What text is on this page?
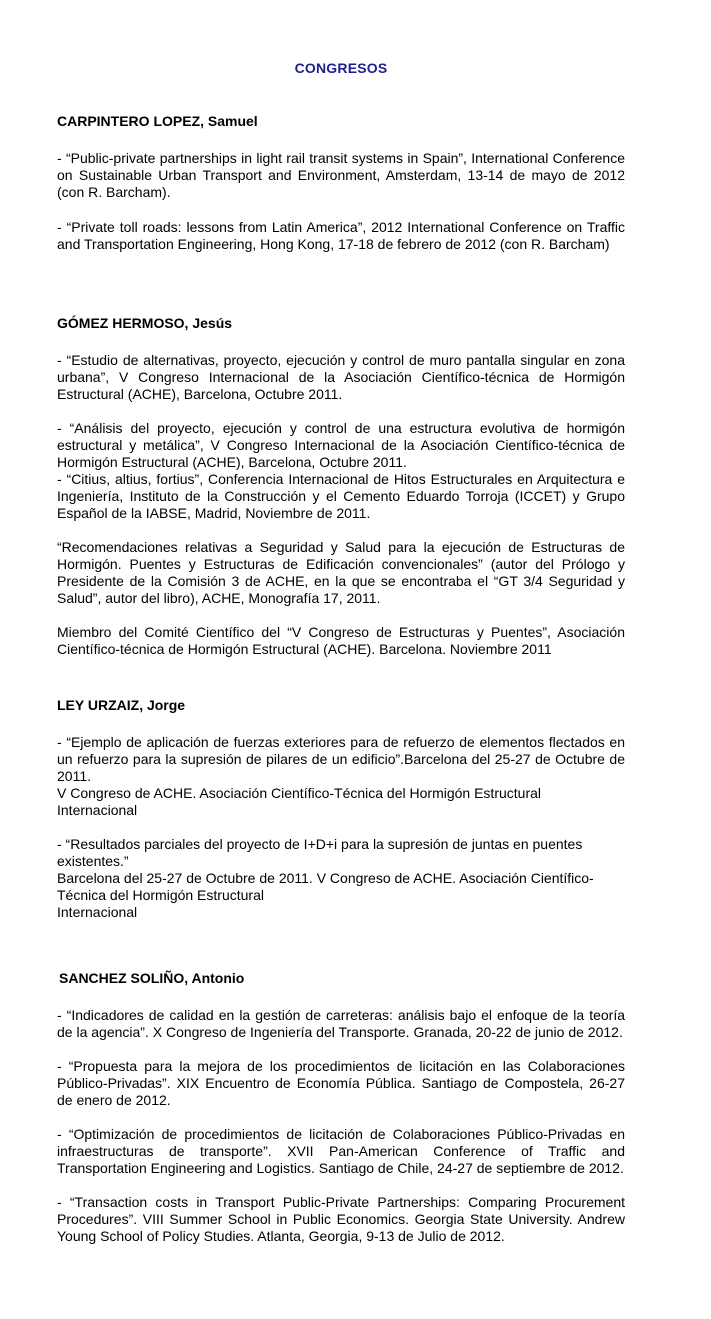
CONGRESOS
CARPINTERO LOPEZ, Samuel
- “Public-private partnerships in light rail transit systems in Spain”, International Conference on Sustainable Urban Transport and Environment, Amsterdam, 13-14 de mayo de 2012 (con R. Barcham).
- “Private toll roads: lessons from Latin America”, 2012 International Conference on Traffic and Transportation Engineering, Hong Kong, 17-18 de febrero de 2012 (con R. Barcham)
GÓMEZ HERMOSO, Jesús
- “Estudio de alternativas, proyecto, ejecución y control de muro pantalla singular en zona urbana”, V Congreso Internacional de la Asociación Científico-técnica de Hormigón Estructural (ACHE), Barcelona, Octubre 2011.
- “Análisis del proyecto, ejecución y control de una estructura evolutiva de hormigón estructural y metálica”, V Congreso Internacional de la Asociación Científico-técnica de Hormigón Estructural (ACHE), Barcelona, Octubre 2011.
- “Citius, altius, fortius”, Conferencia Internacional de Hitos Estructurales en Arquitectura e Ingeniería, Instituto de la Construcción y el Cemento Eduardo Torroja (ICCET) y Grupo Español de la IABSE, Madrid, Noviembre de 2011.
“Recomendaciones relativas a Seguridad y Salud para la ejecución de Estructuras de Hormigón. Puentes y Estructuras de Edificación convencionales” (autor del Prólogo y Presidente de la Comisión 3 de ACHE, en la que se encontraba el “GT 3/4 Seguridad y Salud”, autor del libro), ACHE, Monografía 17, 2011.
Miembro del Comité Científico del “V Congreso de Estructuras y Puentes”, Asociación Científico-técnica de Hormigón Estructural (ACHE). Barcelona. Noviembre 2011
LEY URZAIZ, Jorge
- “Ejemplo de aplicación de fuerzas exteriores para de refuerzo de elementos flectados en un refuerzo para la supresión de pilares de un edificio”.Barcelona del 25-27 de Octubre de 2011.
V Congreso de ACHE. Asociación Científico-Técnica del Hormigón Estructural Internacional
- “Resultados parciales del proyecto de I+D+i para la supresión de juntas en puentes existentes.”
Barcelona del 25-27 de Octubre de 2011. V Congreso de ACHE. Asociación Científico-Técnica del Hormigón Estructural
Internacional
SANCHEZ SOLIÑO, Antonio
- “Indicadores de calidad en la gestión de carreteras: análisis bajo el enfoque de la teoría de la agencia”. X Congreso de Ingeniería del Transporte. Granada, 20-22 de junio de 2012.
- “Propuesta para la mejora de los procedimientos de licitación en las Colaboraciones Público-Privadas”. XIX Encuentro de Economía Pública. Santiago de Compostela, 26-27 de enero de 2012.
- “Optimización de procedimientos de licitación de Colaboraciones Público-Privadas en infraestructuras de transporte”. XVII Pan-American Conference of Traffic and Transportation Engineering and Logistics. Santiago de Chile, 24-27 de septiembre de 2012.
- “Transaction costs in Transport Public-Private Partnerships: Comparing Procurement Procedures”. VIII Summer School in Public Economics. Georgia State University. Andrew Young School of Policy Studies. Atlanta, Georgia, 9-13 de Julio de 2012.
